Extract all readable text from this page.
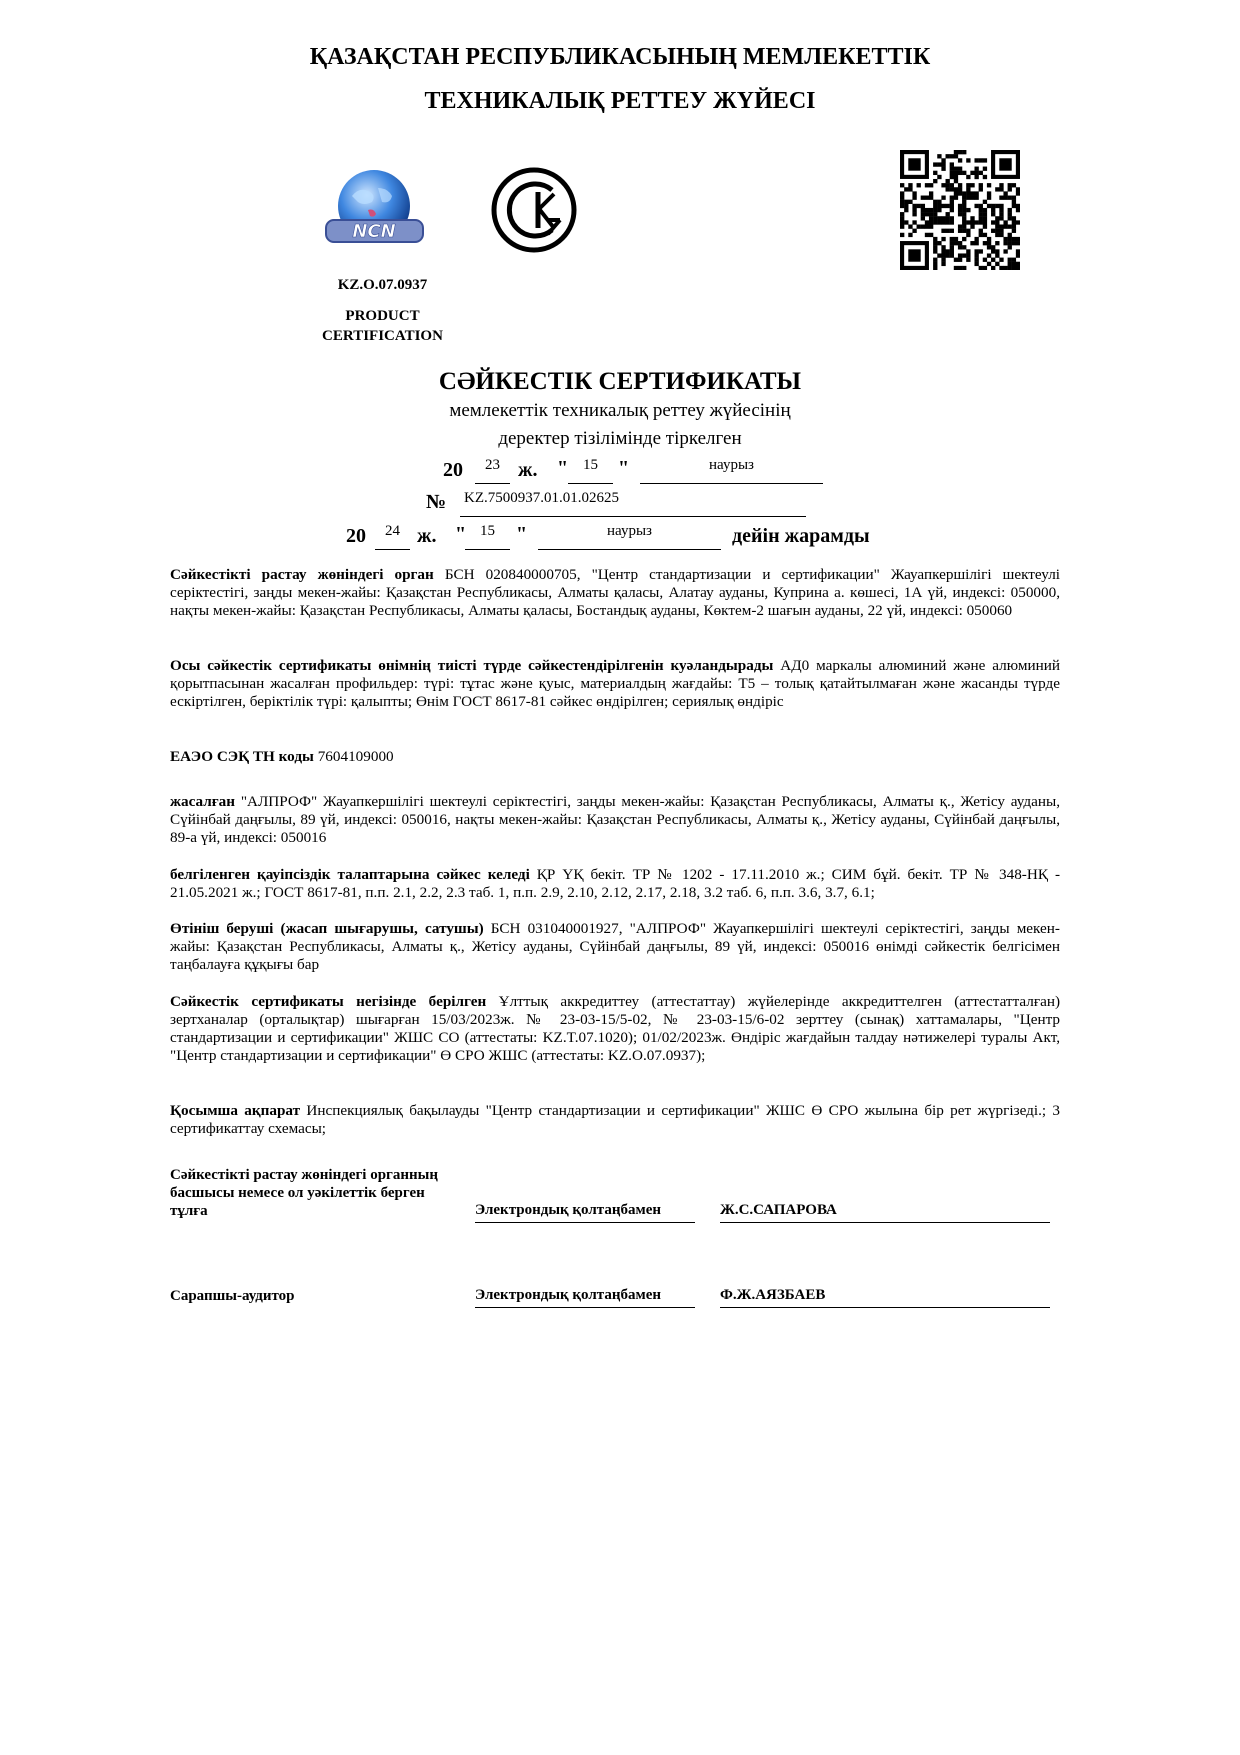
ҚАЗАҚСТАН РЕСПУБЛИКАСЫНЫҢ МЕМЛЕКЕТТІК
ТЕХНИКАЛЫҚ РЕТТЕУ ЖҮЙЕСІ
NCN
KZ.O.07.0937
PRODUCT
CERTIFICATION
СӘЙКЕСТІК СЕРТИФИКАТЫ
мемлекеттік техникалық реттеу жүйесінің
деректер тізілімінде тіркелген
20	23 ж. " 15	"	наурыз
№ KZ.7500937.01.01.02625
20	24 ж. " 15	"	наурыз	дейін жарамды
Сәйкестікті растау жөніндегі орган БСН 020840000705, "Центр стандартизации и сертификации" Жауапкершілігі шектеулі серіктестігі, заңды мекен-жайы: Қазақстан Республикасы, Алматы қаласы, Алатау ауданы, Куприна а. көшесі, 1А үй, индексі: 050000, нақты мекен-жайы: Қазақстан Республикасы, Алматы қаласы, Бостандық ауданы, Көктем-2 шағын ауданы, 22 үй, индексі: 050060
Осы сәйкестік сертификаты өнімнің тиісті түрде сәйкестендірілгенін куәландырады АД0 маркалы алюминий және алюминий қорытпасынан жасалған профильдер: түрі: тұтас және қуыс, материалдың жағдайы: Т5 – толық қатайтылмаған және жасанды түрде ескіртілген, беріктілік түрі: қалыпты; Өнім ГОСТ 8617-81 сәйкес өндірілген; сериялық өндіріс
ЕАЭО СЭҚ ТН коды 7604109000
жасалған "АЛПРОФ" Жауапкершілігі шектеулі серіктестігі, заңды мекен-жайы: Қазақстан Республикасы, Алматы қ., Жетісу ауданы, Сүйінбай даңғылы, 89 үй, индексі: 050016, нақты мекен-жайы: Қазақстан Республикасы, Алматы қ., Жетісу ауданы, Сүйінбай даңғылы, 89-а үй, индексі: 050016
белгіленген қауіпсіздік талаптарына сәйкес келеді ҚР ҮҚ бекіт. ТР № 1202 - 17.11.2010 ж.; СИМ бұй. бекіт. ТР № 348-НҚ - 21.05.2021 ж.; ГОСТ 8617-81, п.п. 2.1, 2.2, 2.3 таб. 1, п.п. 2.9, 2.10, 2.12, 2.17, 2.18, 3.2 таб. 6, п.п. 3.6, 3.7, 6.1;
Өтініш беруші (жасап шығарушы, сатушы) БСН 031040001927, "АЛПРОФ" Жауапкершілігі шектеулі серіктестігі, заңды мекен-жайы: Қазақстан Республикасы, Алматы қ., Жетісу ауданы, Сүйінбай даңғылы, 89 үй, индексі: 050016 өнімді сәйкестік белгісімен таңбалауға құқығы бар
Сәйкестік сертификаты негізінде берілген Ұлттық аккредиттеу (аттестаттау) жүйелерінде аккредиттелген (аттестатталған) зертханалар (орталықтар) шығарған 15/03/2023ж. № 23-03-15/5-02, № 23-03-15/6-02 зерттеу (сынақ) хаттамалары, "Центр стандартизации и сертификации" ЖШС СО (аттестаты: KZ.T.07.1020); 01/02/2023ж. Өндіріс жағдайын талдау нәтижелері туралы Акт, "Центр стандартизации и сертификации" Ө СРО ЖШС (аттестаты: KZ.O.07.0937);
Қосымша ақпарат Инспекциялық бақылауды "Центр стандартизации и сертификации" ЖШС Ө СРО жылына бір рет жүргізеді.; 3 сертификаттау схемасы;
Сәйкестікті растау жөніндегі органның басшысы немесе ол уәкілеттік берген тұлға	Электрондық қолтаңбамен	Ж.С.САПАРОВА
Сарапшы-аудитор	Электрондық қолтаңбамен	Ф.Ж.АЯЗБАЕВ
